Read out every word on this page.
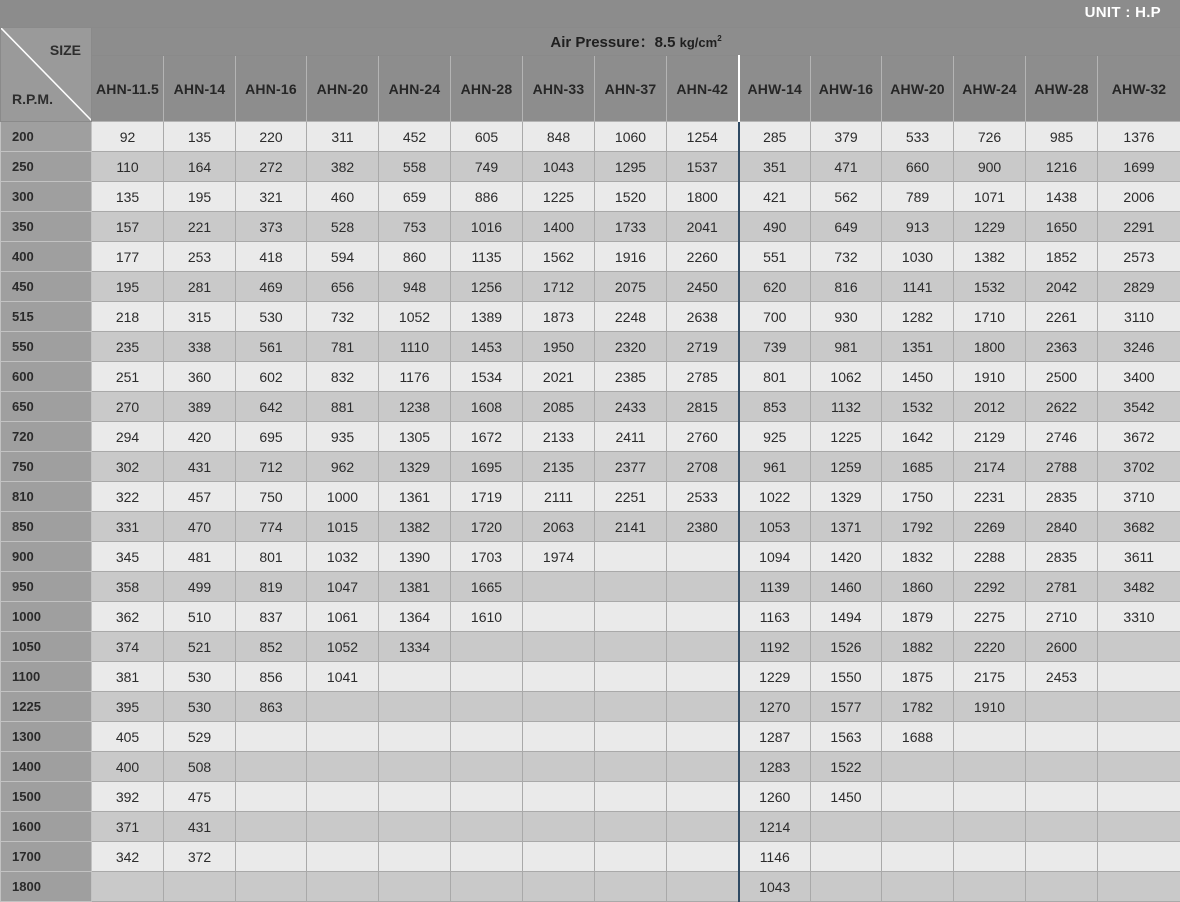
UNIT : H.P
SIZE
R.P.M.	Air Pressure：8.5 $kg/cm^2$
	AHN-11.5	AHN-14	AHN-16	AHN-20	AHN-24	AHN-28	AHN-33	AHN-37	AHN-42	AHW-14	AHW-16	AHW-20	AHW-24	AHW-28	AHW-32
200	92	135	220	311	452	605	848	1060	1254	285	379	533	726	985	1376
250	110	164	272	382	558	749	1043	1295	1537	351	471	660	900	1216	1699
300	135	195	321	460	659	886	1225	1520	1800	421	562	789	1071	1438	2006
350	157	221	373	528	753	1016	1400	1733	2041	490	649	913	1229	1650	2291
400	177	253	418	594	860	1135	1562	1916	2260	551	732	1030	1382	1852	2573
450	195	281	469	656	948	1256	1712	2075	2450	620	816	1141	1532	2042	2829
515	218	315	530	732	1052	1389	1873	2248	2638	700	930	1282	1710	2261	3110
550	235	338	561	781	1110	1453	1950	2320	2719	739	981	1351	1800	2363	3246
600	251	360	602	832	1176	1534	2021	2385	2785	801	1062	1450	1910	2500	3400
650	270	389	642	881	1238	1608	2085	2433	2815	853	1132	1532	2012	2622	3542
720	294	420	695	935	1305	1672	2133	2411	2760	925	1225	1642	2129	2746	3672
750	302	431	712	962	1329	1695	2135	2377	2708	961	1259	1685	2174	2788	3702
810	322	457	750	1000	1361	1719	2111	2251	2533	1022	1329	1750	2231	2835	3710
850	331	470	774	1015	1382	1720	2063	2141	2380	1053	1371	1792	2269	2840	3682
900	345	481	801	1032	1390	1703	1974			1094	1420	1832	2288	2835	3611
950	358	499	819	1047	1381	1665				1139	1460	1860	2292	2781	3482
1000	362	510	837	1061	1364	1610				1163	1494	1879	2275	2710	3310
1050	374	521	852	1052	1334					1192	1526	1882	2220	2600	
1100	381	530	856	1041						1229	1550	1875	2175	2453	
1225	395	530	863							1270	1577	1782	1910		
1300	405	529								1287	1563	1688			
1400	400	508								1283	1522				
1500	392	475								1260	1450				
1600	371	431								1214					
1700	342	372								1146					
1800										1043					
